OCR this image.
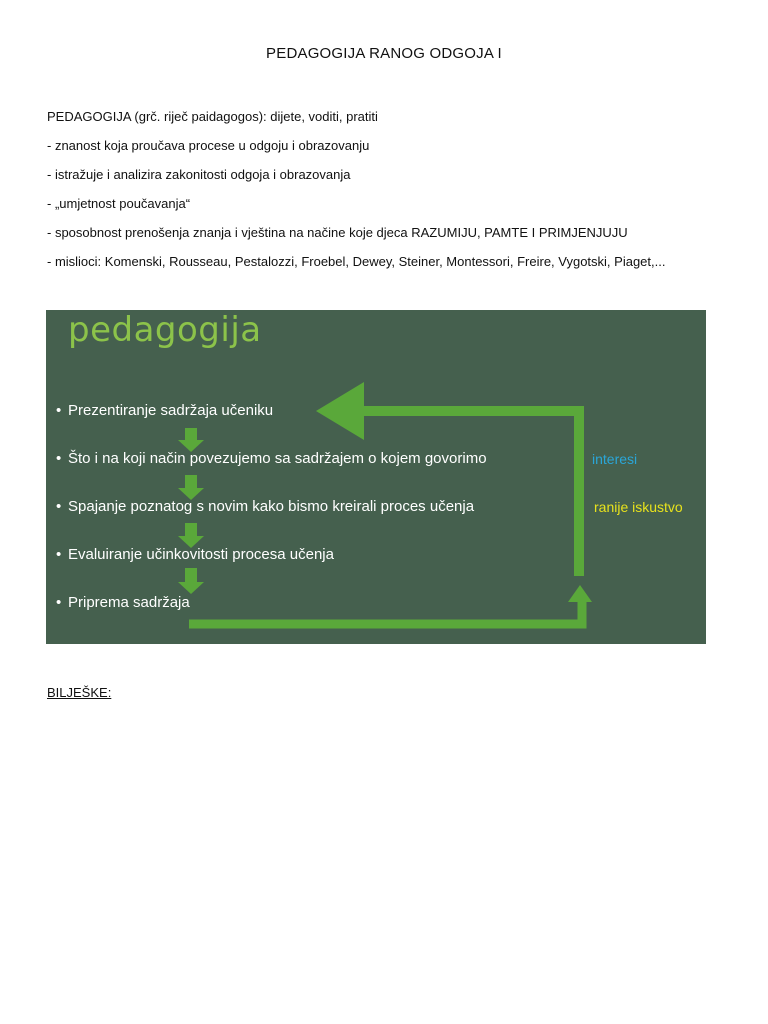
PEDAGOGIJA RANOG ODGOJA I
PEDAGOGIJA (grč. riječ paidagogos): dijete, voditi, pratiti
- znanost koja proučava procese u odgoju i obrazovanju
- istražuje i analizira zakonitosti odgoja i obrazovanja
- „umjetnost poučavanja“
- sposobnost prenošenja znanja i vještina na načine koje djeca RAZUMIJU, PAMTE I PRIMJENJUJU
- mislioci: Komenski, Rousseau, Pestalozzi, Froebel, Dewey, Steiner, Montessori, Freire, Vygotski, Piaget,...
pedagogija
• Prezentiranje sadržaja učeniku
• Što i na koji način povezujemo sa sadržajem o kojem govorimo
• Spajanje poznatog s novim kako bismo kreirali proces učenja
• Evaluiranje učinkovitosti procesa učenja
• Priprema sadržaja
interesi
ranije iskustvo
BILJEŠKE:
